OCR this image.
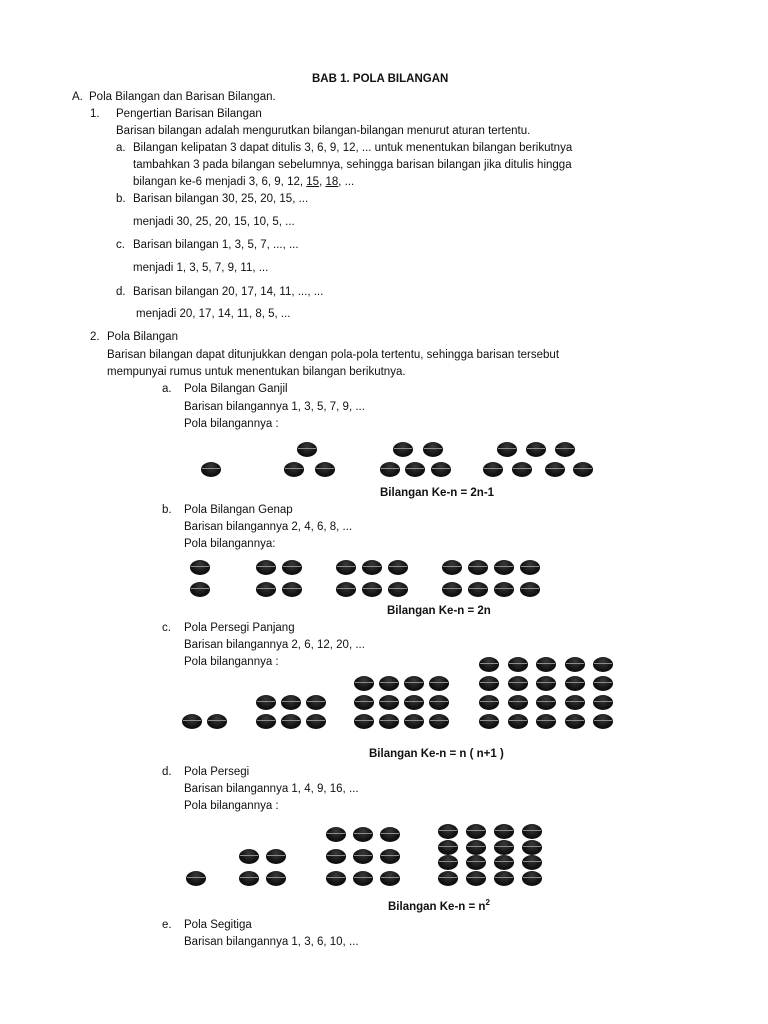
BAB 1. POLA BILANGAN
A. Pola Bilangan dan Barisan Bilangan.
1. Pengertian Barisan Bilangan
Barisan bilangan adalah mengurutkan bilangan-bilangan menurut aturan tertentu.
a. Bilangan kelipatan 3 dapat ditulis 3, 6, 9, 12, ... untuk menentukan bilangan berikutnya
tambahkan 3 pada bilangan sebelumnya, sehingga barisan bilangan jika ditulis hingga
bilangan ke-6 menjadi 3, 6, 9, 12, 15, 18, ...
b. Barisan bilangan 30, 25, 20, 15, ...
menjadi 30, 25, 20, 15, 10, 5, ...
c. Barisan bilangan 1, 3, 5, 7, ..., ...
menjadi 1, 3, 5, 7, 9, 11, ...
d. Barisan bilangan 20, 17, 14, 11, ..., ...
menjadi 20, 17, 14, 11, 8, 5, ...
2. Pola Bilangan
Barisan bilangan dapat ditunjukkan dengan pola-pola tertentu, sehingga barisan tersebut
mempunyai rumus untuk menentukan bilangan berikutnya.
a. Pola Bilangan Ganjil
Barisan bilangannya 1, 3, 5, 7, 9, ...
Pola bilangannya :
Bilangan Ke-n = 2n-1
b. Pola Bilangan Genap
Barisan bilangannya 2, 4, 6, 8, ...
Pola bilangannya:
Bilangan Ke-n = 2n
c. Pola Persegi Panjang
Barisan bilangannya 2, 6, 12, 20, ...
Pola bilangannya :
Bilangan Ke-n = n ( n+1 )
d. Pola Persegi
Barisan bilangannya 1, 4, 9, 16, ...
Pola bilangannya :
Bilangan $Ke-n = n^2$
e. Pola Segitiga
Barisan bilangannya 1, 3, 6, 10, ...
